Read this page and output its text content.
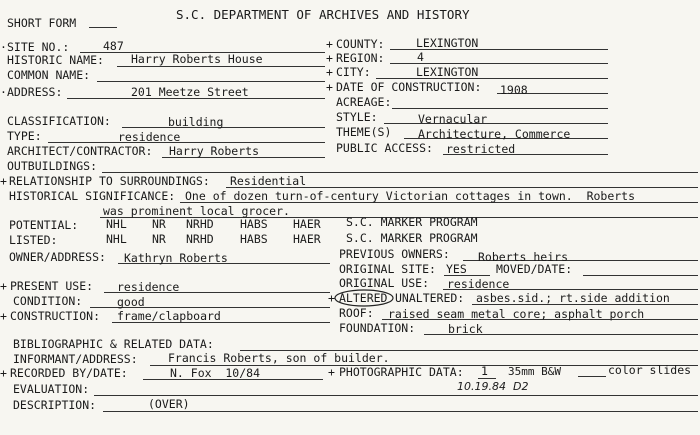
SHORT FORM
S.C. DEPARTMENT OF ARCHIVES AND HISTORY
· SITE NO.:	487	+ COUNTY:	LEXINGTON
HISTORIC NAME: Harry Roberts House	+ REGION:	4
COMMON NAME:	+ CITY:	LEXINGTON
· ADDRESS:	201 Meetze Street	+ DATE OF CONSTRUCTION: 1908
ACREAGE:
CLASSIFICATION:	building	STYLE:	Vernacular
TYPE:	residence	THEME(S) Architecture, Commerce
ARCHITECT/CONTRACTOR: Harry Roberts	PUBLIC ACCESS: restricted
OUTBUILDINGS:
+ RELATIONSHIP TO SURROUNDINGS: Residential
HISTORICAL SIGNIFICANCE: One of dozen turn-of-century Victorian cottages in town.  Roberts
was prominent local grocer.
POTENTIAL: NHL NR NRHD HABS HAER S.C. MARKER PROGRAM
LISTED:	NHL NR NRHD HABS HAER S.C. MARKER PROGRAM
OWNER/ADDRESS: Kathryn Roberts	PREVIOUS OWNERS: Roberts heirs
ORIGINAL SITE: YES	MOVED/DATE:
ORIGINAL USE: residence
+ PRESENT USE: residence
CONDITION:	good	+ ALTERED UNALTERED: asbes.sid.; rt.side addition
+ CONSTRUCTION: frame/clapboard	ROOF: raised seam metal core; asphalt porch
FOUNDATION:	brick
BIBLIOGRAPHIC & RELATED DATA:
INFORMANT/ADDRESS:	Francis Roberts, son of builder.
+ RECORDED BY/DATE:	N. Fox  10/84	+ PHOTOGRAPHIC DATA: 1 35mm B&W	color slides
10.19.84  D2
EVALUATION:
DESCRIPTION:	(OVER)
